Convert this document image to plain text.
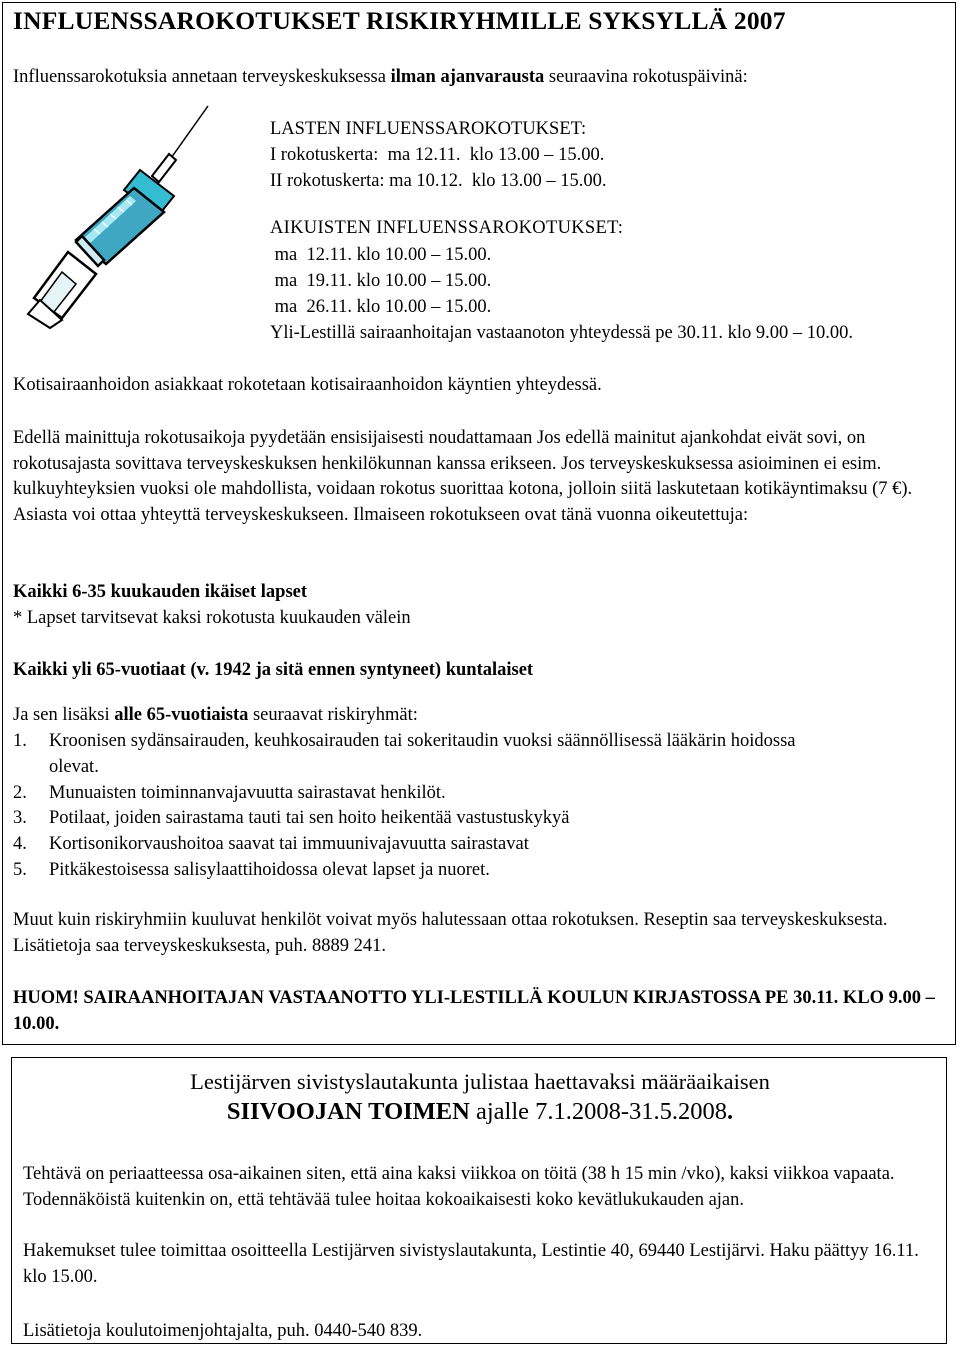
INFLUENSSAROKOTUKSET RISKIRYHMILLE SYKSYLLÄ 2007
Influenssarokotuksia annetaan terveyskeskuksessa ilman ajanvarausta seuraavina rokotuspäivinä:
LASTEN INFLUENSSAROKOTUKSET:
I rokotuskerta:  ma 12.11.  klo 13.00 – 15.00.
II rokotuskerta: ma 10.12.  klo 13.00 – 15.00.
AIKUISTEN INFLUENSSAROKOTUKSET:
ma  12.11. klo 10.00 – 15.00.
ma  19.11. klo 10.00 – 15.00.
ma  26.11. klo 10.00 – 15.00.
Yli-Lestillä sairaanhoitajan vastaanoton yhteydessä pe 30.11. klo 9.00 – 10.00.
Kotisairaanhoidon asiakkaat rokotetaan kotisairaanhoidon käyntien yhteydessä.

Edellä mainittuja rokotusaikoja pyydetään ensisijaisesti noudattamaan Jos edellä mainitut ajankohdat eivät sovi, on rokotusajasta sovittava terveyskeskuksen henkilökunnan kanssa erikseen. Jos terveyskeskuksessa asioiminen ei esim. kulkuyhteyksien vuoksi ole mahdollista, voidaan rokotus suorittaa kotona, jolloin siitä laskutetaan kotikäyntimaksu (7 €). Asiasta voi ottaa yhteyttä terveyskeskukseen. Ilmaiseen rokotukseen ovat tänä vuonna oikeutettuja:

Kaikki 6-35 kuukauden ikäiset lapset
* Lapset tarvitsevat kaksi rokotusta kuukauden välein
Kaikki yli 65-vuotiaat (v. 1942 ja sitä ennen syntyneet) kuntalaiset
Ja sen lisäksi alle 65-vuotiaista seuraavat riskiryhmät:
1. Kroonisen sydänsairauden, keuhkosairauden tai sokeritaudin vuoksi säännöllisessä lääkärin hoidossa
olevat.
2. Munuaisten toiminnanvajavuutta sairastavat henkilöt.
3. Potilaat, joiden sairastama tauti tai sen hoito heikentää vastustuskykyä
4. Kortisonikorvaushoitoa saavat tai immuunivajavuutta sairastavat
5. Pitkäkestoisessa salisylaattihoidossa olevat lapset ja nuoret.

Muut kuin riskiryhmiin kuuluvat henkilöt voivat myös halutessaan ottaa rokotuksen. Reseptin saa terveyskeskuksesta. Lisätietoja saa terveyskeskuksesta, puh. 8889 241.

HUOM! SAIRAANHOITAJAN VASTAANOTTO YLI-LESTILLÄ KOULUN KIRJASTOSSA PE 30.11. KLO 9.00 – 10.00.

Lestijärven sivistyslautakunta julistaa haettavaksi määräaikaisen
SIIVOOJAN TOIMEN ajalle 7.1.2008-31.5.2008.

Tehtävä on periaatteessa osa-aikainen siten, että aina kaksi viikkoa on töitä (38 h 15 min /vko), kaksi viikkoa vapaata. Todennäköistä kuitenkin on, että tehtävää tulee hoitaa kokoaikaisesti koko kevätlukukauden ajan.

Hakemukset tulee toimittaa osoitteella Lestijärven sivistyslautakunta, Lestintie 40, 69440 Lestijärvi. Haku päättyy 16.11. klo 15.00.

Lisätietoja koulutoimenjohtajalta, puh. 0440-540 839.
